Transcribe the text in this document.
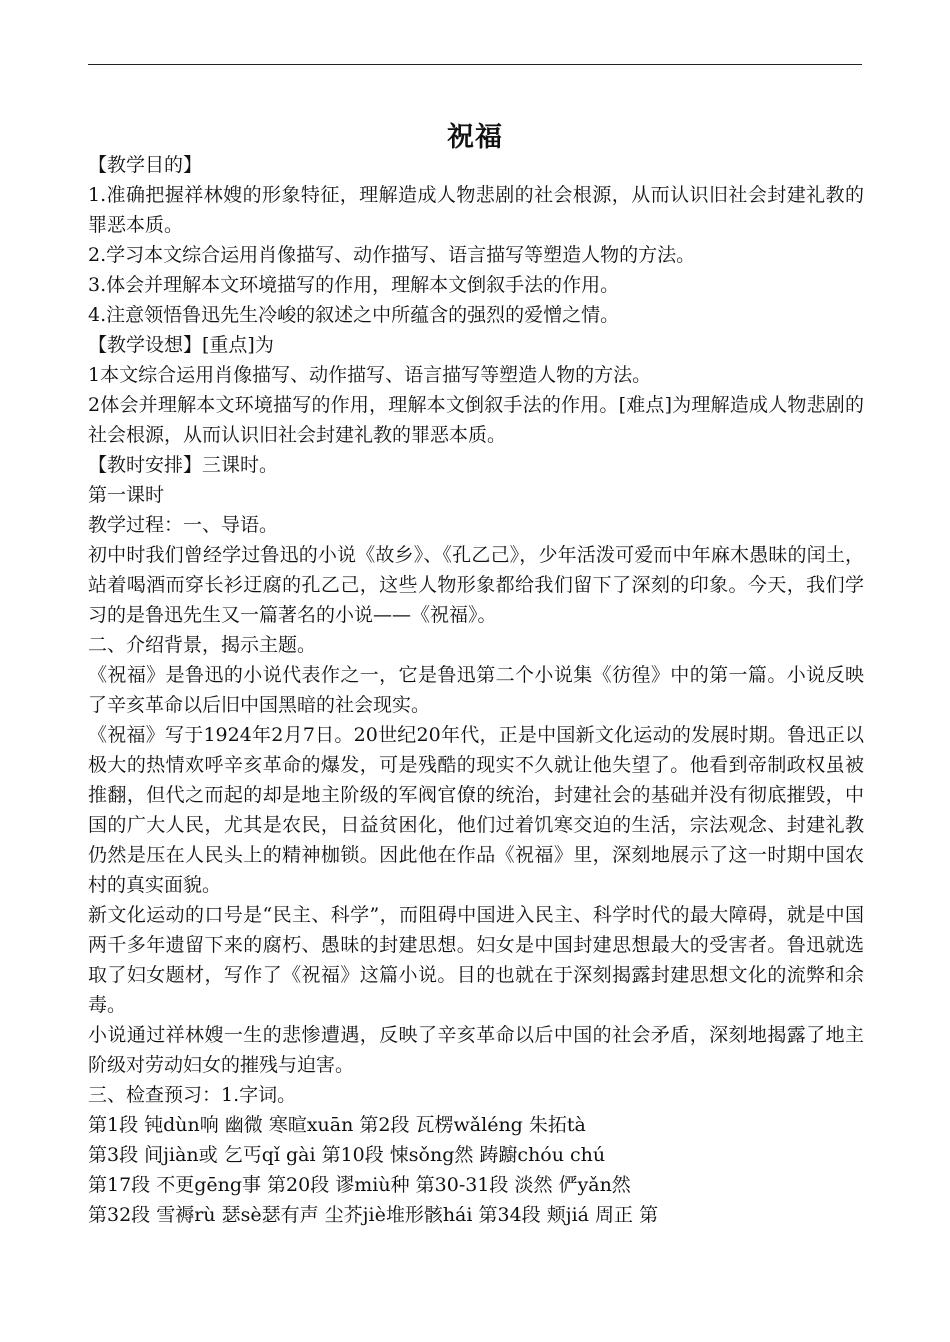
祝福

【教学目的】

1.准确把握祥林嫂的形象特征，理解造成人物悲剧的社会根源，从而认识旧社会封建礼教的罪恶本质。

2.学习本文综合运用肖像描写、动作描写、语言描写等塑造人物的方法。

3.体会并理解本文环境描写的作用，理解本文倒叙手法的作用。

4.注意领悟鲁迅先生冷峻的叙述之中所蕴含的强烈的爱憎之情。

【教学设想】[重点]为

1本文综合运用肖像描写、动作描写、语言描写等塑造人物的方法。

2体会并理解本文环境描写的作用，理解本文倒叙手法的作用。[难点]为理解造成人物悲剧的社会根源，从而认识旧社会封建礼教的罪恶本质。

【教时安排】三课时。

第一课时

教学过程：一、导语。

初中时我们曾经学过鲁迅的小说《故乡》、《孔乙己》，少年活泼可爱而中年麻木愚昧的闰土，站着喝酒而穿长衫迂腐的孔乙己，这些人物形象都给我们留下了深刻的印象。今天，我们学习的是鲁迅先生又一篇著名的小说——《祝福》。

二、介绍背景，揭示主题。

《祝福》是鲁迅的小说代表作之一，它是鲁迅第二个小说集《彷徨》中的第一篇。小说反映了辛亥革命以后旧中国黑暗的社会现实。

《祝福》写于1924年2月7日。20世纪20年代，正是中国新文化运动的发展时期。鲁迅正以极大的热情欢呼辛亥革命的爆发，可是残酷的现实不久就让他失望了。他看到帝制政权虽被推翻，但代之而起的却是地主阶级的军阀官僚的统治，封建社会的基础并没有彻底摧毁，中国的广大人民，尤其是农民，日益贫困化，他们过着饥寒交迫的生活，宗法观念、封建礼教仍然是压在人民头上的精神枷锁。因此他在作品《祝福》里，深刻地展示了这一时期中国农村的真实面貌。

新文化运动的口号是“民主、科学”，而阻碍中国进入民主、科学时代的最大障碍，就是中国两千多年遗留下来的腐朽、愚昧的封建思想。妇女是中国封建思想最大的受害者。鲁迅就选取了妇女题材，写作了《祝福》这篇小说。目的也就在于深刻揭露封建思想文化的流弊和余毒。

小说通过祥林嫂一生的悲惨遭遇，反映了辛亥革命以后中国的社会矛盾，深刻地揭露了地主阶级对劳动妇女的摧残与迫害。

三、检查预习：1.字词。

第1段 钝dùn响 幽微 寒暄xuān 第2段 瓦楞wǎléng 朱拓tà

第3段 间jiàn或 乞丐qǐ gài 第10段 悚sǒng然 踌躕chóu chú

第17段 不更gēng事 第20段 谬miù种 第30-31段 淡然 俨yǎn然

第32段 雪褥rù 瑟sè瑟有声 尘芥jiè堆形骸hái 第34段 颊jiá 周正 第
